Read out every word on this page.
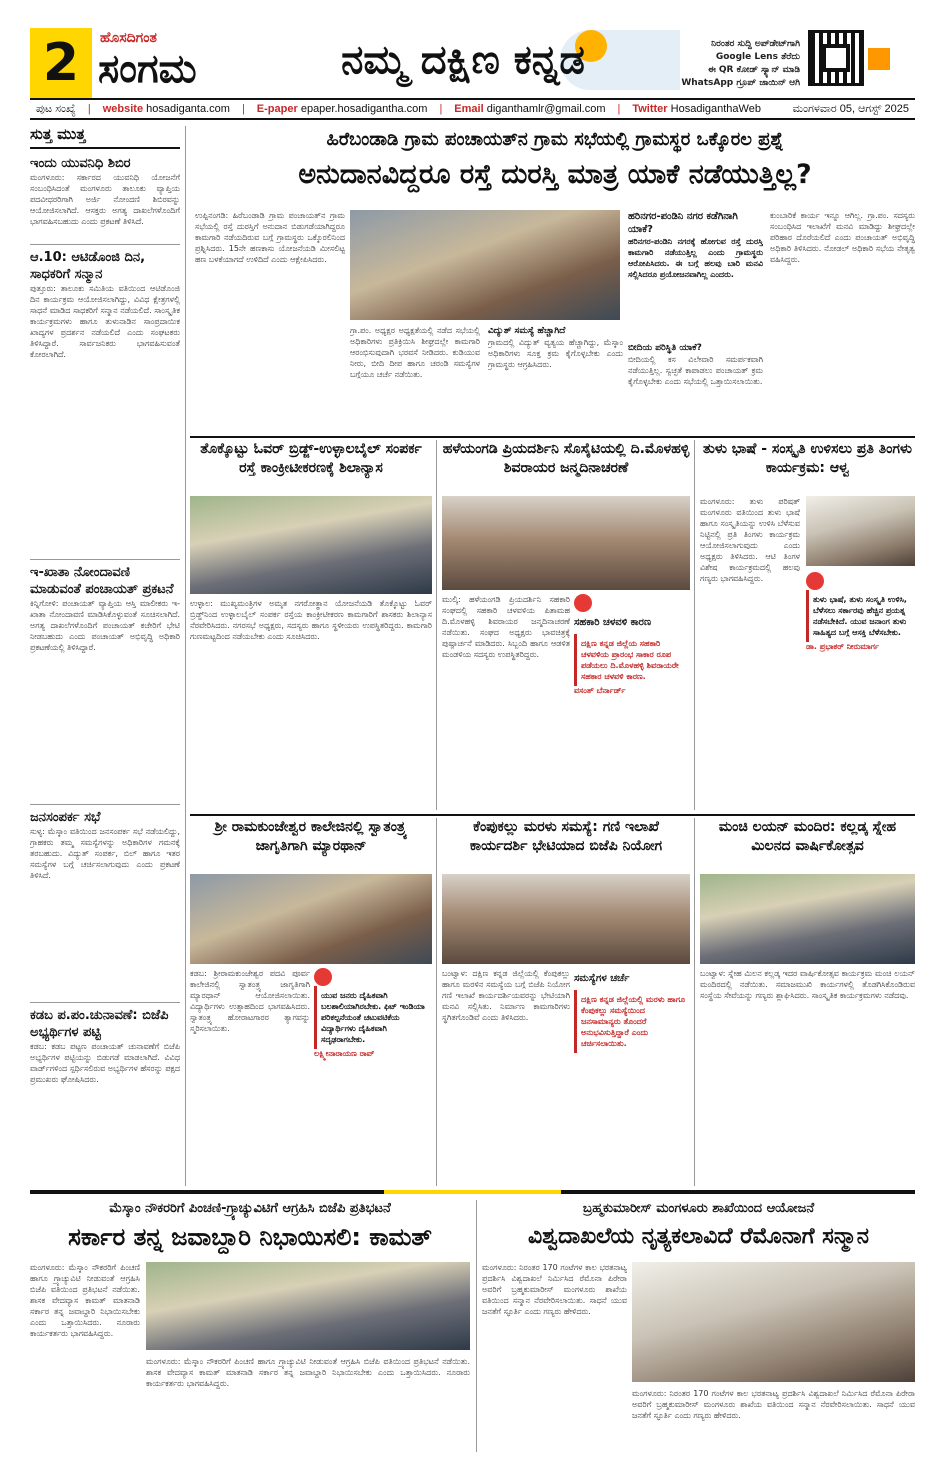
2	ಹೊಸದಿಗಂತ
ಸಂಗಮ	ನಮ್ಮ ದಕ್ಷಿಣ ಕನ್ನಡ	ನಿರಂತರ ಸುದ್ದಿ ಅಪ್‌ಡೇಟ್‌ಗಾಗಿ
Google Lens ತೆರೆದು
ಈ QR ಕೋಡ್ ಸ್ಕ್ಯಾನ್ ಮಾಡಿ
WhatsApp ಗ್ರೂಪ್ ಜಾಯಿನ್ ಆಗಿ
ಪುಟ ಸಂಖ್ಯೆ	|	website hosadiganta.com	|	E-paper epaper.hosadigantha.com	|	Email diganthamlr@gmail.com	|	Twitter HosadiganthaWeb	ಮಂಗಳವಾರ 05, ಆಗಸ್ಟ್ 2025
ಸುತ್ತ ಮುತ್ತ
ಇಂದು ಯುವನಿಧಿ ಶಿಬಿರ
ಮಂಗಳೂರು: ಸರ್ಕಾರದ ಯುವನಿಧಿ ಯೋಜನೆಗೆ ಸಂಬಂಧಿಸಿದಂತೆ ಮಂಗಳೂರು ತಾಲೂಕು ವ್ಯಾಪ್ತಿಯ ಪದವೀಧರರಿಗಾಗಿ ಅರ್ಜಿ ನೋಂದಣಿ ಶಿಬಿರವನ್ನು ಆಯೋಜಿಸಲಾಗಿದೆ. ಆಸಕ್ತರು ಅಗತ್ಯ ದಾಖಲೆಗಳೊಂದಿಗೆ ಭಾಗವಹಿಸಬಹುದು ಎಂದು ಪ್ರಕಟಣೆ ತಿಳಿಸಿದೆ.
ಆ.10: ಆಟಿಡೊಂಜಿ ದಿನ, ಸಾಧಕರಿಗೆ ಸನ್ಮಾನ
ಪುತ್ತೂರು: ತಾಲೂಕು ಸಮಿತಿಯ ವತಿಯಿಂದ ಆಟಿಡೊಂಜಿ ದಿನ ಕಾರ್ಯಕ್ರಮ ಆಯೋಜಿಸಲಾಗಿದ್ದು, ವಿವಿಧ ಕ್ಷೇತ್ರಗಳಲ್ಲಿ ಸಾಧನೆ ಮಾಡಿದ ಸಾಧಕರಿಗೆ ಸನ್ಮಾನ ನಡೆಯಲಿದೆ. ಸಾಂಸ್ಕೃತಿಕ ಕಾರ್ಯಕ್ರಮಗಳು ಹಾಗೂ ತುಳುನಾಡಿನ ಸಾಂಪ್ರದಾಯಿಕ ಖಾದ್ಯಗಳ ಪ್ರದರ್ಶನ ನಡೆಯಲಿದೆ ಎಂದು ಸಂಘಟಕರು ತಿಳಿಸಿದ್ದಾರೆ. ಸಾರ್ವಜನಿಕರು ಭಾಗವಹಿಸುವಂತೆ ಕೋರಲಾಗಿದೆ.
ಇ-ಖಾತಾ ನೋಂದಾವಣಿ ಮಾಡುವಂತೆ ಪಂಚಾಯತ್ ಪ್ರಕಟನೆ
ಕಿನ್ನಿಗೋಳಿ: ಪಂಚಾಯತ್ ವ್ಯಾಪ್ತಿಯ ಆಸ್ತಿ ಮಾಲೀಕರು ಇ-ಖಾತಾ ನೋಂದಾವಣಿ ಮಾಡಿಸಿಕೊಳ್ಳುವಂತೆ ಸೂಚಿಸಲಾಗಿದೆ. ಅಗತ್ಯ ದಾಖಲೆಗಳೊಂದಿಗೆ ಪಂಚಾಯತ್ ಕಚೇರಿಗೆ ಭೇಟಿ ನೀಡಬಹುದು ಎಂದು ಪಂಚಾಯತ್ ಅಭಿವೃದ್ಧಿ ಅಧಿಕಾರಿ ಪ್ರಕಟಣೆಯಲ್ಲಿ ತಿಳಿಸಿದ್ದಾರೆ.
ಜನಸಂಪರ್ಕ ಸಭೆ
ಸುಳ್ಯ: ಮೆಸ್ಕಾಂ ವತಿಯಿಂದ ಜನಸಂಪರ್ಕ ಸಭೆ ನಡೆಯಲಿದ್ದು, ಗ್ರಾಹಕರು ತಮ್ಮ ಸಮಸ್ಯೆಗಳನ್ನು ಅಧಿಕಾರಿಗಳ ಗಮನಕ್ಕೆ ತರಬಹುದು. ವಿದ್ಯುತ್ ಸಂಪರ್ಕ, ಬಿಲ್ ಹಾಗೂ ಇತರ ಸಮಸ್ಯೆಗಳ ಬಗ್ಗೆ ಚರ್ಚಿಸಲಾಗುವುದು ಎಂದು ಪ್ರಕಟಣೆ ತಿಳಿಸಿದೆ.
ಕಡಬ ಪ.ಪಂ.ಚುನಾವಣೆ: ಬಿಜೆಪಿ ಅಭ್ಯರ್ಥಿಗಳ ಪಟ್ಟಿ
ಕಡಬ: ಕಡಬ ಪಟ್ಟಣ ಪಂಚಾಯತ್ ಚುನಾವಣೆಗೆ ಬಿಜೆಪಿ ಅಭ್ಯರ್ಥಿಗಳ ಪಟ್ಟಿಯನ್ನು ಬಿಡುಗಡೆ ಮಾಡಲಾಗಿದೆ. ವಿವಿಧ ವಾರ್ಡ್‌ಗಳಿಂದ ಸ್ಪರ್ಧಿಸಲಿರುವ ಅಭ್ಯರ್ಥಿಗಳ ಹೆಸರನ್ನು ಪಕ್ಷದ ಪ್ರಮುಖರು ಘೋಷಿಸಿದರು.
ಹಿರೆಬಂಡಾಡಿ ಗ್ರಾಮ ಪಂಚಾಯತ್‌ನ ಗ್ರಾಮ ಸಭೆಯಲ್ಲಿ ಗ್ರಾಮಸ್ಥರ ಒಕ್ಕೊರಲ ಪ್ರಶ್ನೆ
ಅನುದಾನವಿದ್ದರೂ ರಸ್ತೆ ದುರಸ್ತಿ ಮಾತ್ರ ಯಾಕೆ ನಡೆಯುತ್ತಿಲ್ಲ?
ಉಪ್ಪಿನಂಗಡಿ: ಹಿರೆಬಂಡಾಡಿ ಗ್ರಾಮ ಪಂಚಾಯತ್‌ನ ಗ್ರಾಮ ಸಭೆಯಲ್ಲಿ ರಸ್ತೆ ದುರಸ್ತಿಗೆ ಅನುದಾನ ಬಿಡುಗಡೆಯಾಗಿದ್ದರೂ ಕಾಮಗಾರಿ ನಡೆಯದಿರುವ ಬಗ್ಗೆ ಗ್ರಾಮಸ್ಥರು ಒಕ್ಕೊರಲಿನಿಂದ ಪ್ರಶ್ನಿಸಿದರು. 15ನೇ ಹಣಕಾಸು ಯೋಜನೆಯಡಿ ಮೀಸಲಿಟ್ಟ ಹಣ ಬಳಕೆಯಾಗದೆ ಉಳಿದಿದೆ ಎಂದು ಆಕ್ಷೇಪಿಸಿದರು.
ಗ್ರಾ.ಪಂ. ಅಧ್ಯಕ್ಷರ ಅಧ್ಯಕ್ಷತೆಯಲ್ಲಿ ನಡೆದ ಸಭೆಯಲ್ಲಿ ಅಧಿಕಾರಿಗಳು ಪ್ರತಿಕ್ರಿಯಿಸಿ ಶೀಘ್ರದಲ್ಲೇ ಕಾಮಗಾರಿ ಆರಂಭಿಸುವುದಾಗಿ ಭರವಸೆ ನೀಡಿದರು. ಕುಡಿಯುವ ನೀರು, ಬೀದಿ ದೀಪ ಹಾಗೂ ಚರಂಡಿ ಸಮಸ್ಯೆಗಳ ಬಗ್ಗೆಯೂ ಚರ್ಚೆ ನಡೆಯಿತು.
ವಿದ್ಯುತ್ ಸಮಸ್ಯೆ ಹೆಚ್ಚಾಗಿದೆ
ಗ್ರಾಮದಲ್ಲಿ ವಿದ್ಯುತ್ ವ್ಯತ್ಯಯ ಹೆಚ್ಚಾಗಿದ್ದು, ಮೆಸ್ಕಾಂ ಅಧಿಕಾರಿಗಳು ಸೂಕ್ತ ಕ್ರಮ ಕೈಗೊಳ್ಳಬೇಕು ಎಂದು ಗ್ರಾಮಸ್ಥರು ಆಗ್ರಹಿಸಿದರು.
ಹರಿನಗರ-ಪಂಡಿನಿ ನಗರ ಕಡೆಗಿನಾಗಿ ಯಾಕೆ?
ಹರಿನಗರ-ಪಂಡಿನಿ ನಗರಕ್ಕೆ ಹೋಗುವ ರಸ್ತೆ ದುರಸ್ತಿ ಕಾಮಗಾರಿ ನಡೆಯುತ್ತಿಲ್ಲ ಎಂದು ಗ್ರಾಮಸ್ಥರು ಆರೋಪಿಸಿದರು. ಈ ಬಗ್ಗೆ ಹಲವು ಬಾರಿ ಮನವಿ ಸಲ್ಲಿಸಿದರೂ ಪ್ರಯೋಜನವಾಗಿಲ್ಲ ಎಂದರು.
ಬೀದಿಯ ಪರಿಸ್ಥಿತಿ ಯಾಕೆ?
ಬೀದಿಯಲ್ಲಿ ಕಸ ವಿಲೇವಾರಿ ಸಮರ್ಪಕವಾಗಿ ನಡೆಯುತ್ತಿಲ್ಲ. ಸ್ವಚ್ಛತೆ ಕಾಪಾಡಲು ಪಂಚಾಯತ್ ಕ್ರಮ ಕೈಗೊಳ್ಳಬೇಕು ಎಂದು ಸಭೆಯಲ್ಲಿ ಒತ್ತಾಯಿಸಲಾಯಿತು.
ಕುಂಬಾರಿಕೆ ಕಾರ್ಯ ಇನ್ನೂ ಆಗಿಲ್ಲ. ಗ್ರಾ.ಪಂ. ಸದಸ್ಯರು ಸಂಬಂಧಿಸಿದ ಇಲಾಖೆಗೆ ಮನವಿ ಮಾಡಿದ್ದು ಶೀಘ್ರದಲ್ಲೇ ಪರಿಹಾರ ದೊರೆಯಲಿದೆ ಎಂದು ಪಂಚಾಯತ್ ಅಭಿವೃದ್ಧಿ ಅಧಿಕಾರಿ ತಿಳಿಸಿದರು. ನೋಡಲ್ ಅಧಿಕಾರಿ ಸಭೆಯ ನೇತೃತ್ವ ವಹಿಸಿದ್ದರು.
ತೊಕ್ಕೊಟ್ಟು ಓವರ್ ಬ್ರಿಡ್ಜ್-ಉಳ್ಳಾಲಬೈಲ್ ಸಂಪರ್ಕ ರಸ್ತೆ ಕಾಂಕ್ರೀಟೀಕರಣಕ್ಕೆ ಶಿಲಾನ್ಯಾಸ
ಉಳ್ಳಾಲ: ಮುಖ್ಯಮಂತ್ರಿಗಳ ಅಮೃತ ನಗರೋತ್ಥಾನ ಯೋಜನೆಯಡಿ ತೊಕ್ಕೊಟ್ಟು ಓವರ್ ಬ್ರಿಡ್ಜ್‌ನಿಂದ ಉಳ್ಳಾಲಬೈಲ್ ಸಂಪರ್ಕ ರಸ್ತೆಯ ಕಾಂಕ್ರೀಟೀಕರಣ ಕಾಮಗಾರಿಗೆ ಶಾಸಕರು ಶಿಲಾನ್ಯಾಸ ನೆರವೇರಿಸಿದರು. ನಗರಸಭೆ ಅಧ್ಯಕ್ಷರು, ಸದಸ್ಯರು ಹಾಗೂ ಸ್ಥಳೀಯರು ಉಪಸ್ಥಿತರಿದ್ದರು. ಕಾಮಗಾರಿ ಗುಣಮಟ್ಟದಿಂದ ನಡೆಯಬೇಕು ಎಂದು ಸೂಚಿಸಿದರು.
ಹಳೆಯಂಗಡಿ ಪ್ರಿಯದರ್ಶಿನಿ ಸೊಸೈಟಿಯಲ್ಲಿ ದಿ.ಮೊಳಹಳ್ಳಿ ಶಿವರಾಯರ ಜನ್ಮದಿನಾಚರಣೆ
ಮುಲ್ಕಿ: ಹಳೆಯಂಗಡಿ ಪ್ರಿಯದರ್ಶಿನಿ ಸಹಕಾರಿ ಸಂಘದಲ್ಲಿ ಸಹಕಾರಿ ಚಳವಳಿಯ ಪಿತಾಮಹ ದಿ.ಮೊಳಹಳ್ಳಿ ಶಿವರಾಯರ ಜನ್ಮದಿನಾಚರಣೆ ನಡೆಯಿತು. ಸಂಘದ ಅಧ್ಯಕ್ಷರು ಭಾವಚಿತ್ರಕ್ಕೆ ಪುಷ್ಪಾರ್ಚನೆ ಮಾಡಿದರು. ಸಿಬ್ಬಂದಿ ಹಾಗೂ ಆಡಳಿತ ಮಂಡಳಿಯ ಸದಸ್ಯರು ಉಪಸ್ಥಿತರಿದ್ದರು.
ಸಹಕಾರಿ ಚಳವಳಿ ಕಾರಣ
ದಕ್ಷಿಣ ಕನ್ನಡ ಜಿಲ್ಲೆಯ ಸಹಕಾರಿ ಚಳವಳಿಯ ಪ್ರಾರಂಭ ಸಾಕಾರ ರೂಪ ಪಡೆಯಲು ದಿ.ಮೊಳಹಳ್ಳಿ ಶಿವರಾಯರೇ ಸಹಕಾರ ಚಳವಳಿ ಕಾರಣ.
ವಸಂತ್ ಬೆರ್ನಾರ್ಡ್
ತುಳು ಭಾಷೆ - ಸಂಸ್ಕೃತಿ ಉಳಿಸಲು ಪ್ರತಿ ತಿಂಗಳು ಕಾರ್ಯಕ್ರಮ: ಆಳ್ವ
ಮಂಗಳೂರು: ತುಳು ಪರಿಷತ್ ಮಂಗಳೂರು ವತಿಯಿಂದ ತುಳು ಭಾಷೆ ಹಾಗೂ ಸಂಸ್ಕೃತಿಯನ್ನು ಉಳಿಸಿ ಬೆಳೆಸುವ ನಿಟ್ಟಿನಲ್ಲಿ ಪ್ರತಿ ತಿಂಗಳು ಕಾರ್ಯಕ್ರಮ ಆಯೋಜಿಸಲಾಗುವುದು ಎಂದು ಅಧ್ಯಕ್ಷರು ತಿಳಿಸಿದರು. ಆಟಿ ತಿಂಗಳ ವಿಶೇಷ ಕಾರ್ಯಕ್ರಮದಲ್ಲಿ ಹಲವು ಗಣ್ಯರು ಭಾಗವಹಿಸಿದ್ದರು.
ತುಳು ಭಾಷೆ, ತುಳು ಸಂಸ್ಕೃತಿ ಉಳಿಸಿ, ಬೆಳೆಸಲು ಸರ್ಕಾರವು ಹೆಚ್ಚಿನ ಪ್ರಯತ್ನ ನಡೆಸಬೇಕಿದೆ. ಯುವ ಜನಾಂಗ ತುಳು ಸಾಹಿತ್ಯದ ಬಗ್ಗೆ ಆಸಕ್ತಿ ಬೆಳೆಸಬೇಕು.
ಡಾ. ಪ್ರಭಾಕರ್ ನೀರುಮಾರ್ಗ
ಶ್ರೀ ರಾಮಕುಂಜೇಶ್ವರ ಕಾಲೇಜಿನಲ್ಲಿ ಸ್ವಾತಂತ್ರ್ಯ ಜಾಗೃತಿಗಾಗಿ ಮ್ಯಾರಥಾನ್
ಕಡಬ: ಶ್ರೀರಾಮಕುಂಜೇಶ್ವರ ಪದವಿ ಪೂರ್ವ ಕಾಲೇಜಿನಲ್ಲಿ ಸ್ವಾತಂತ್ರ್ಯ ಜಾಗೃತಿಗಾಗಿ ಮ್ಯಾರಥಾನ್ ಆಯೋಜಿಸಲಾಯಿತು. ವಿದ್ಯಾರ್ಥಿಗಳು ಉತ್ಸಾಹದಿಂದ ಭಾಗವಹಿಸಿದರು. ಸ್ವಾತಂತ್ರ್ಯ ಹೋರಾಟಗಾರರ ತ್ಯಾಗವನ್ನು ಸ್ಮರಿಸಲಾಯಿತು.
ಯುವ ಜನರು ದೈಹಿಕವಾಗಿ ಬಲಶಾಲಿಯಾಗಿರಬೇಕು. ಫಿಟ್ ಇಂಡಿಯಾ ಪರಿಕಲ್ಪನೆಯಂತೆ ಚಟುವಟಿಕೆಯ ವಿದ್ಯಾರ್ಥಿಗಳು ದೈಹಿಕವಾಗಿ ಸದೃಢರಾಗಬೇಕು.
ಲಕ್ಷ್ಮೀನಾರಾಯಣ ರಾವ್
ಕೆಂಪುಕಲ್ಲು ಮರಳು ಸಮಸ್ಯೆ: ಗಣಿ ಇಲಾಖೆ ಕಾರ್ಯದರ್ಶಿ ಭೇಟಿಯಾದ ಬಿಜೆಪಿ ನಿಯೋಗ
ಬಂಟ್ವಾಳ: ದಕ್ಷಿಣ ಕನ್ನಡ ಜಿಲ್ಲೆಯಲ್ಲಿ ಕೆಂಪುಕಲ್ಲು ಹಾಗೂ ಮರಳಿನ ಸಮಸ್ಯೆಯ ಬಗ್ಗೆ ಬಿಜೆಪಿ ನಿಯೋಗ ಗಣಿ ಇಲಾಖೆ ಕಾರ್ಯದರ್ಶಿಯವರನ್ನು ಭೇಟಿಯಾಗಿ ಮನವಿ ಸಲ್ಲಿಸಿತು. ನಿರ್ಮಾಣ ಕಾಮಗಾರಿಗಳು ಸ್ಥಗಿತಗೊಂಡಿವೆ ಎಂದು ತಿಳಿಸಿದರು.
ಸಮಸ್ಯೆಗಳ ಚರ್ಚೆ
ದಕ್ಷಿಣ ಕನ್ನಡ ಜಿಲ್ಲೆಯಲ್ಲಿ ಮರಳು ಹಾಗೂ ಕೆಂಪುಕಲ್ಲು ಸಮಸ್ಯೆಯಿಂದ ಜನಸಾಮಾನ್ಯರು ತೊಂದರೆ ಅನುಭವಿಸುತ್ತಿದ್ದಾರೆ ಎಂದು ಚರ್ಚಿಸಲಾಯಿತು.
ಮಂಚಿ ಲಯನ್ ಮಂದಿರ: ಕಲ್ಲಡ್ಕ ಸ್ನೇಹ ಮಿಲನದ ವಾರ್ಷಿಕೋತ್ಸವ
ಬಂಟ್ವಾಳ: ಸ್ನೇಹ ಮಿಲನ ಕಲ್ಲಡ್ಕ ಇದರ ವಾರ್ಷಿಕೋತ್ಸವ ಕಾರ್ಯಕ್ರಮ ಮಂಚಿ ಲಯನ್ ಮಂದಿರದಲ್ಲಿ ನಡೆಯಿತು. ಸಮಾಜಮುಖಿ ಕಾರ್ಯಗಳಲ್ಲಿ ತೊಡಗಿಸಿಕೊಂಡಿರುವ ಸಂಸ್ಥೆಯ ಸೇವೆಯನ್ನು ಗಣ್ಯರು ಶ್ಲಾಘಿಸಿದರು. ಸಾಂಸ್ಕೃತಿಕ ಕಾರ್ಯಕ್ರಮಗಳು ನಡೆದವು.
ಮೆಸ್ಕಾಂ ನೌಕರರಿಗೆ ಪಿಂಚಣಿ-ಗ್ರ್ಯಾಚ್ಯುವಿಟಿಗೆ ಆಗ್ರಹಿಸಿ ಬಿಜೆಪಿ ಪ್ರತಿಭಟನೆ
ಸರ್ಕಾರ ತನ್ನ ಜವಾಬ್ದಾರಿ ನಿಭಾಯಿಸಲಿ: ಕಾಮತ್
ಮಂಗಳೂರು: ಮೆಸ್ಕಾಂ ನೌಕರರಿಗೆ ಪಿಂಚಣಿ ಹಾಗೂ ಗ್ರ್ಯಾಚ್ಯುವಿಟಿ ನೀಡುವಂತೆ ಆಗ್ರಹಿಸಿ ಬಿಜೆಪಿ ವತಿಯಿಂದ ಪ್ರತಿಭಟನೆ ನಡೆಯಿತು. ಶಾಸಕ ವೇದವ್ಯಾಸ ಕಾಮತ್ ಮಾತನಾಡಿ ಸರ್ಕಾರ ತನ್ನ ಜವಾಬ್ದಾರಿ ನಿಭಾಯಿಸಬೇಕು ಎಂದು ಒತ್ತಾಯಿಸಿದರು. ನೂರಾರು ಕಾರ್ಯಕರ್ತರು ಭಾಗವಹಿಸಿದ್ದರು.
ಮಂಗಳೂರು: ಮೆಸ್ಕಾಂ ನೌಕರರಿಗೆ ಪಿಂಚಣಿ ಹಾಗೂ ಗ್ರ್ಯಾಚ್ಯುವಿಟಿ ನೀಡುವಂತೆ ಆಗ್ರಹಿಸಿ ಬಿಜೆಪಿ ವತಿಯಿಂದ ಪ್ರತಿಭಟನೆ ನಡೆಯಿತು. ಶಾಸಕ ವೇದವ್ಯಾಸ ಕಾಮತ್ ಮಾತನಾಡಿ ಸರ್ಕಾರ ತನ್ನ ಜವಾಬ್ದಾರಿ ನಿಭಾಯಿಸಬೇಕು ಎಂದು ಒತ್ತಾಯಿಸಿದರು. ನೂರಾರು ಕಾರ್ಯಕರ್ತರು ಭಾಗವಹಿಸಿದ್ದರು.
ಬ್ರಹ್ಮಕುಮಾರೀಸ್ ಮಂಗಳೂರು ಶಾಖೆಯಿಂದ ಆಯೋಜನೆ
ವಿಶ್ವದಾಖಲೆಯ ನೃತ್ಯಕಲಾವಿದೆ ರೆಮೊನಾಗೆ ಸನ್ಮಾನ
ಮಂಗಳೂರು: ನಿರಂತರ 170 ಗಂಟೆಗಳ ಕಾಲ ಭರತನಾಟ್ಯ ಪ್ರದರ್ಶಿಸಿ ವಿಶ್ವದಾಖಲೆ ನಿರ್ಮಿಸಿದ ರೆಮೊನಾ ಪಿರೇರಾ ಅವರಿಗೆ ಬ್ರಹ್ಮಕುಮಾರೀಸ್ ಮಂಗಳೂರು ಶಾಖೆಯ ವತಿಯಿಂದ ಸನ್ಮಾನ ನೆರವೇರಿಸಲಾಯಿತು. ಸಾಧನೆ ಯುವ ಜನತೆಗೆ ಸ್ಫೂರ್ತಿ ಎಂದು ಗಣ್ಯರು ಹೇಳಿದರು.
ಮಂಗಳೂರು: ನಿರಂತರ 170 ಗಂಟೆಗಳ ಕಾಲ ಭರತನಾಟ್ಯ ಪ್ರದರ್ಶಿಸಿ ವಿಶ್ವದಾಖಲೆ ನಿರ್ಮಿಸಿದ ರೆಮೊನಾ ಪಿರೇರಾ ಅವರಿಗೆ ಬ್ರಹ್ಮಕುಮಾರೀಸ್ ಮಂಗಳೂರು ಶಾಖೆಯ ವತಿಯಿಂದ ಸನ್ಮಾನ ನೆರವೇರಿಸಲಾಯಿತು. ಸಾಧನೆ ಯುವ ಜನತೆಗೆ ಸ್ಫೂರ್ತಿ ಎಂದು ಗಣ್ಯರು ಹೇಳಿದರು.
